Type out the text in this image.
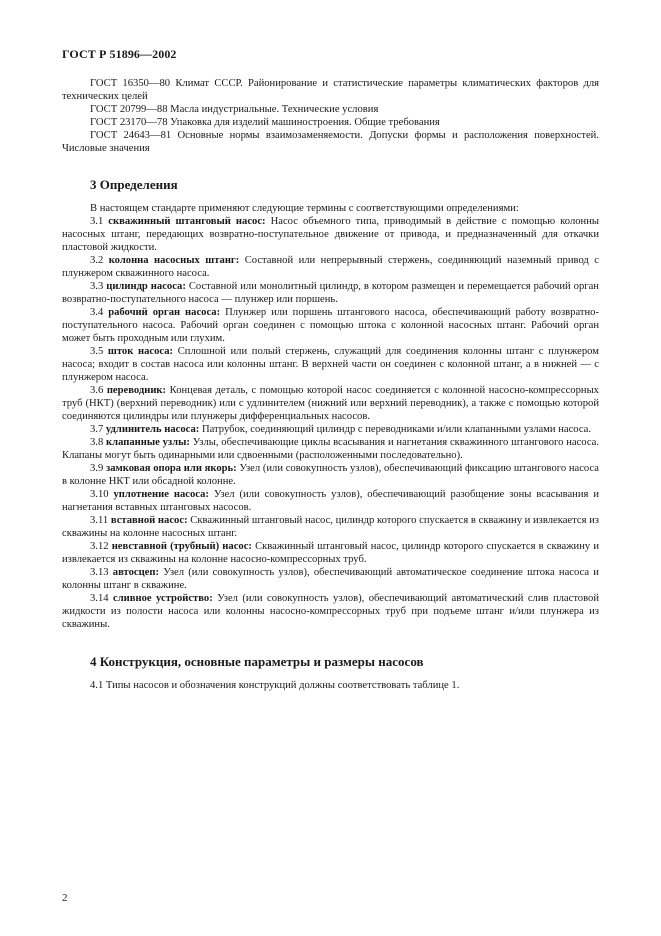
ГОСТ Р 51896—2002

ГОСТ 16350—80 Климат СССР. Районирование и статистические параметры климатических факторов для технических целей

ГОСТ 20799—88 Масла индустриальные. Технические условия

ГОСТ 23170—78 Упаковка для изделий машиностроения. Общие требования

ГОСТ 24643—81 Основные нормы взаимозаменяемости. Допуски формы и расположения поверхностей. Числовые значения

3 Определения

В настоящем стандарте применяют следующие термины с соответствующими определениями:

3.1 скважинный штанговый насос: Насос объемного типа, приводимый в действие с помощью колонны насосных штанг, передающих возвратно-поступательное движение от привода, и предназначенный для откачки пластовой жидкости.

3.2 колонна насосных штанг: Составной или непрерывный стержень, соединяющий наземный привод с плунжером скважинного насоса.

3.3 цилиндр насоса: Составной или монолитный цилиндр, в котором размещен и перемещается рабочий орган возвратно-поступательного насоса — плунжер или поршень.

3.4 рабочий орган насоса: Плунжер или поршень штангового насоса, обеспечивающий работу возвратно-поступательного насоса. Рабочий орган соединен с помощью штока с колонной насосных штанг. Рабочий орган может быть проходным или глухим.

3.5 шток насоса: Сплошной или полый стержень, служащий для соединения колонны штанг с плунжером насоса; входит в состав насоса или колонны штанг. В верхней части он соединен с колонной штанг, а в нижней — с плунжером насоса.

3.6 переводник: Концевая деталь, с помощью которой насос соединяется с колонной насосно-компрессорных труб (НКТ) (верхний переводник) или с удлинителем (нижний или верхний переводник), а также с помощью которой соединяются цилиндры или плунжеры дифференциальных насосов.

3.7 удлинитель насоса: Патрубок, соединяющий цилиндр с переводниками и/или клапанными узлами насоса.

3.8 клапанные узлы: Узлы, обеспечивающие циклы всасывания и нагнетания скважинного штангового насоса. Клапаны могут быть одинарными или сдвоенными (расположенными последовательно).

3.9 замковая опора или якорь: Узел (или совокупность узлов), обеспечивающий фиксацию штангового насоса в колонне НКТ или обсадной колонне.

3.10 уплотнение насоса: Узел (или совокупность узлов), обеспечивающий разобщение зоны всасывания и нагнетания вставных штанговых насосов.

3.11 вставной насос: Скважинный штанговый насос, цилиндр которого спускается в скважину и извлекается из скважины на колонне насосных штанг.

3.12 невставной (трубный) насос: Скважинный штанговый насос, цилиндр которого спускается в скважину и извлекается из скважины на колонне насосно-компрессорных труб.

3.13 автосцеп: Узел (или совокупность узлов), обеспечивающий автоматическое соединение штока насоса и колонны штанг в скважине.

3.14 сливное устройство: Узел (или совокупность узлов), обеспечивающий автоматический слив пластовой жидкости из полости насоса или колонны насосно-компрессорных труб при подъеме штанг и/или плунжера из скважины.

4 Конструкция, основные параметры и размеры насосов

4.1 Типы насосов и обозначения конструкций должны соответствовать таблице 1.

2
